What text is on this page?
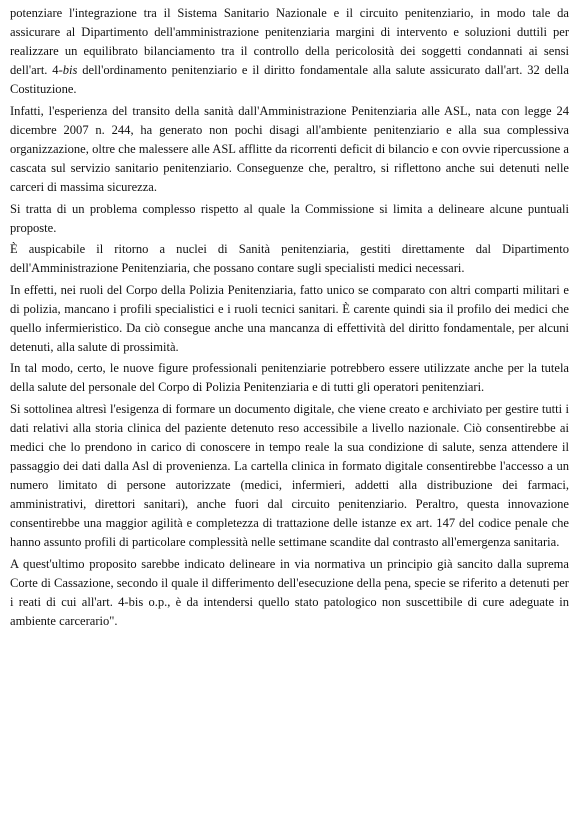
potenziare l'integrazione tra il Sistema Sanitario Nazionale e il circuito penitenziario, in modo tale da assicurare al Dipartimento dell'amministrazione penitenziaria margini di intervento e soluzioni duttili per realizzare un equilibrato bilanciamento tra il controllo della pericolosità dei soggetti condannati ai sensi dell'art. 4-bis dell'ordinamento penitenziario e il diritto fondamentale alla salute assicurato dall'art. 32 della Costituzione.

Infatti, l'esperienza del transito della sanità dall'Amministrazione Penitenziaria alle ASL, nata con legge 24 dicembre 2007 n. 244, ha generato non pochi disagi all'ambiente penitenziario e alla sua complessiva organizzazione, oltre che malessere alle ASL afflitte da ricorrenti deficit di bilancio e con ovvie ripercussione a cascata sul servizio sanitario penitenziario. Conseguenze che, peraltro, si riflettono anche sui detenuti nelle carceri di massima sicurezza.

Si tratta di un problema complesso rispetto al quale la Commissione si limita a delineare alcune puntuali proposte.

È auspicabile il ritorno a nuclei di Sanità penitenziaria, gestiti direttamente dal Dipartimento dell'Amministrazione Penitenziaria, che possano contare sugli specialisti medici necessari.

In effetti, nei ruoli del Corpo della Polizia Penitenziaria, fatto unico se comparato con altri comparti militari e di polizia, mancano i profili specialistici e i ruoli tecnici sanitari. È carente quindi sia il profilo dei medici che quello infermieristico. Da ciò consegue anche una mancanza di effettività del diritto fondamentale, per alcuni detenuti, alla salute di prossimità.

In tal modo, certo, le nuove figure professionali penitenziarie potrebbero essere utilizzate anche per la tutela della salute del personale del Corpo di Polizia Penitenziaria e di tutti gli operatori penitenziari.

Si sottolinea altresì l'esigenza di formare un documento digitale, che viene creato e archiviato per gestire tutti i dati relativi alla storia clinica del paziente detenuto reso accessibile a livello nazionale. Ciò consentirebbe ai medici che lo prendono in carico di conoscere in tempo reale la sua condizione di salute, senza attendere il passaggio dei dati dalla Asl di provenienza. La cartella clinica in formato digitale consentirebbe l'accesso a un numero limitato di persone autorizzate (medici, infermieri, addetti alla distribuzione dei farmaci, amministrativi, direttori sanitari), anche fuori dal circuito penitenziario. Peraltro, questa innovazione consentirebbe una maggior agilità e completezza di trattazione delle istanze ex art. 147 del codice penale che hanno assunto profili di particolare complessità nelle settimane scandite dal contrasto all'emergenza sanitaria.

A quest'ultimo proposito sarebbe indicato delineare in via normativa un principio già sancito dalla suprema Corte di Cassazione, secondo il quale il differimento dell'esecuzione della pena, specie se riferito a detenuti per i reati di cui all'art. 4-bis o.p., è da intendersi quello stato patologico non suscettibile di cure adeguate in ambiente carcerario".
